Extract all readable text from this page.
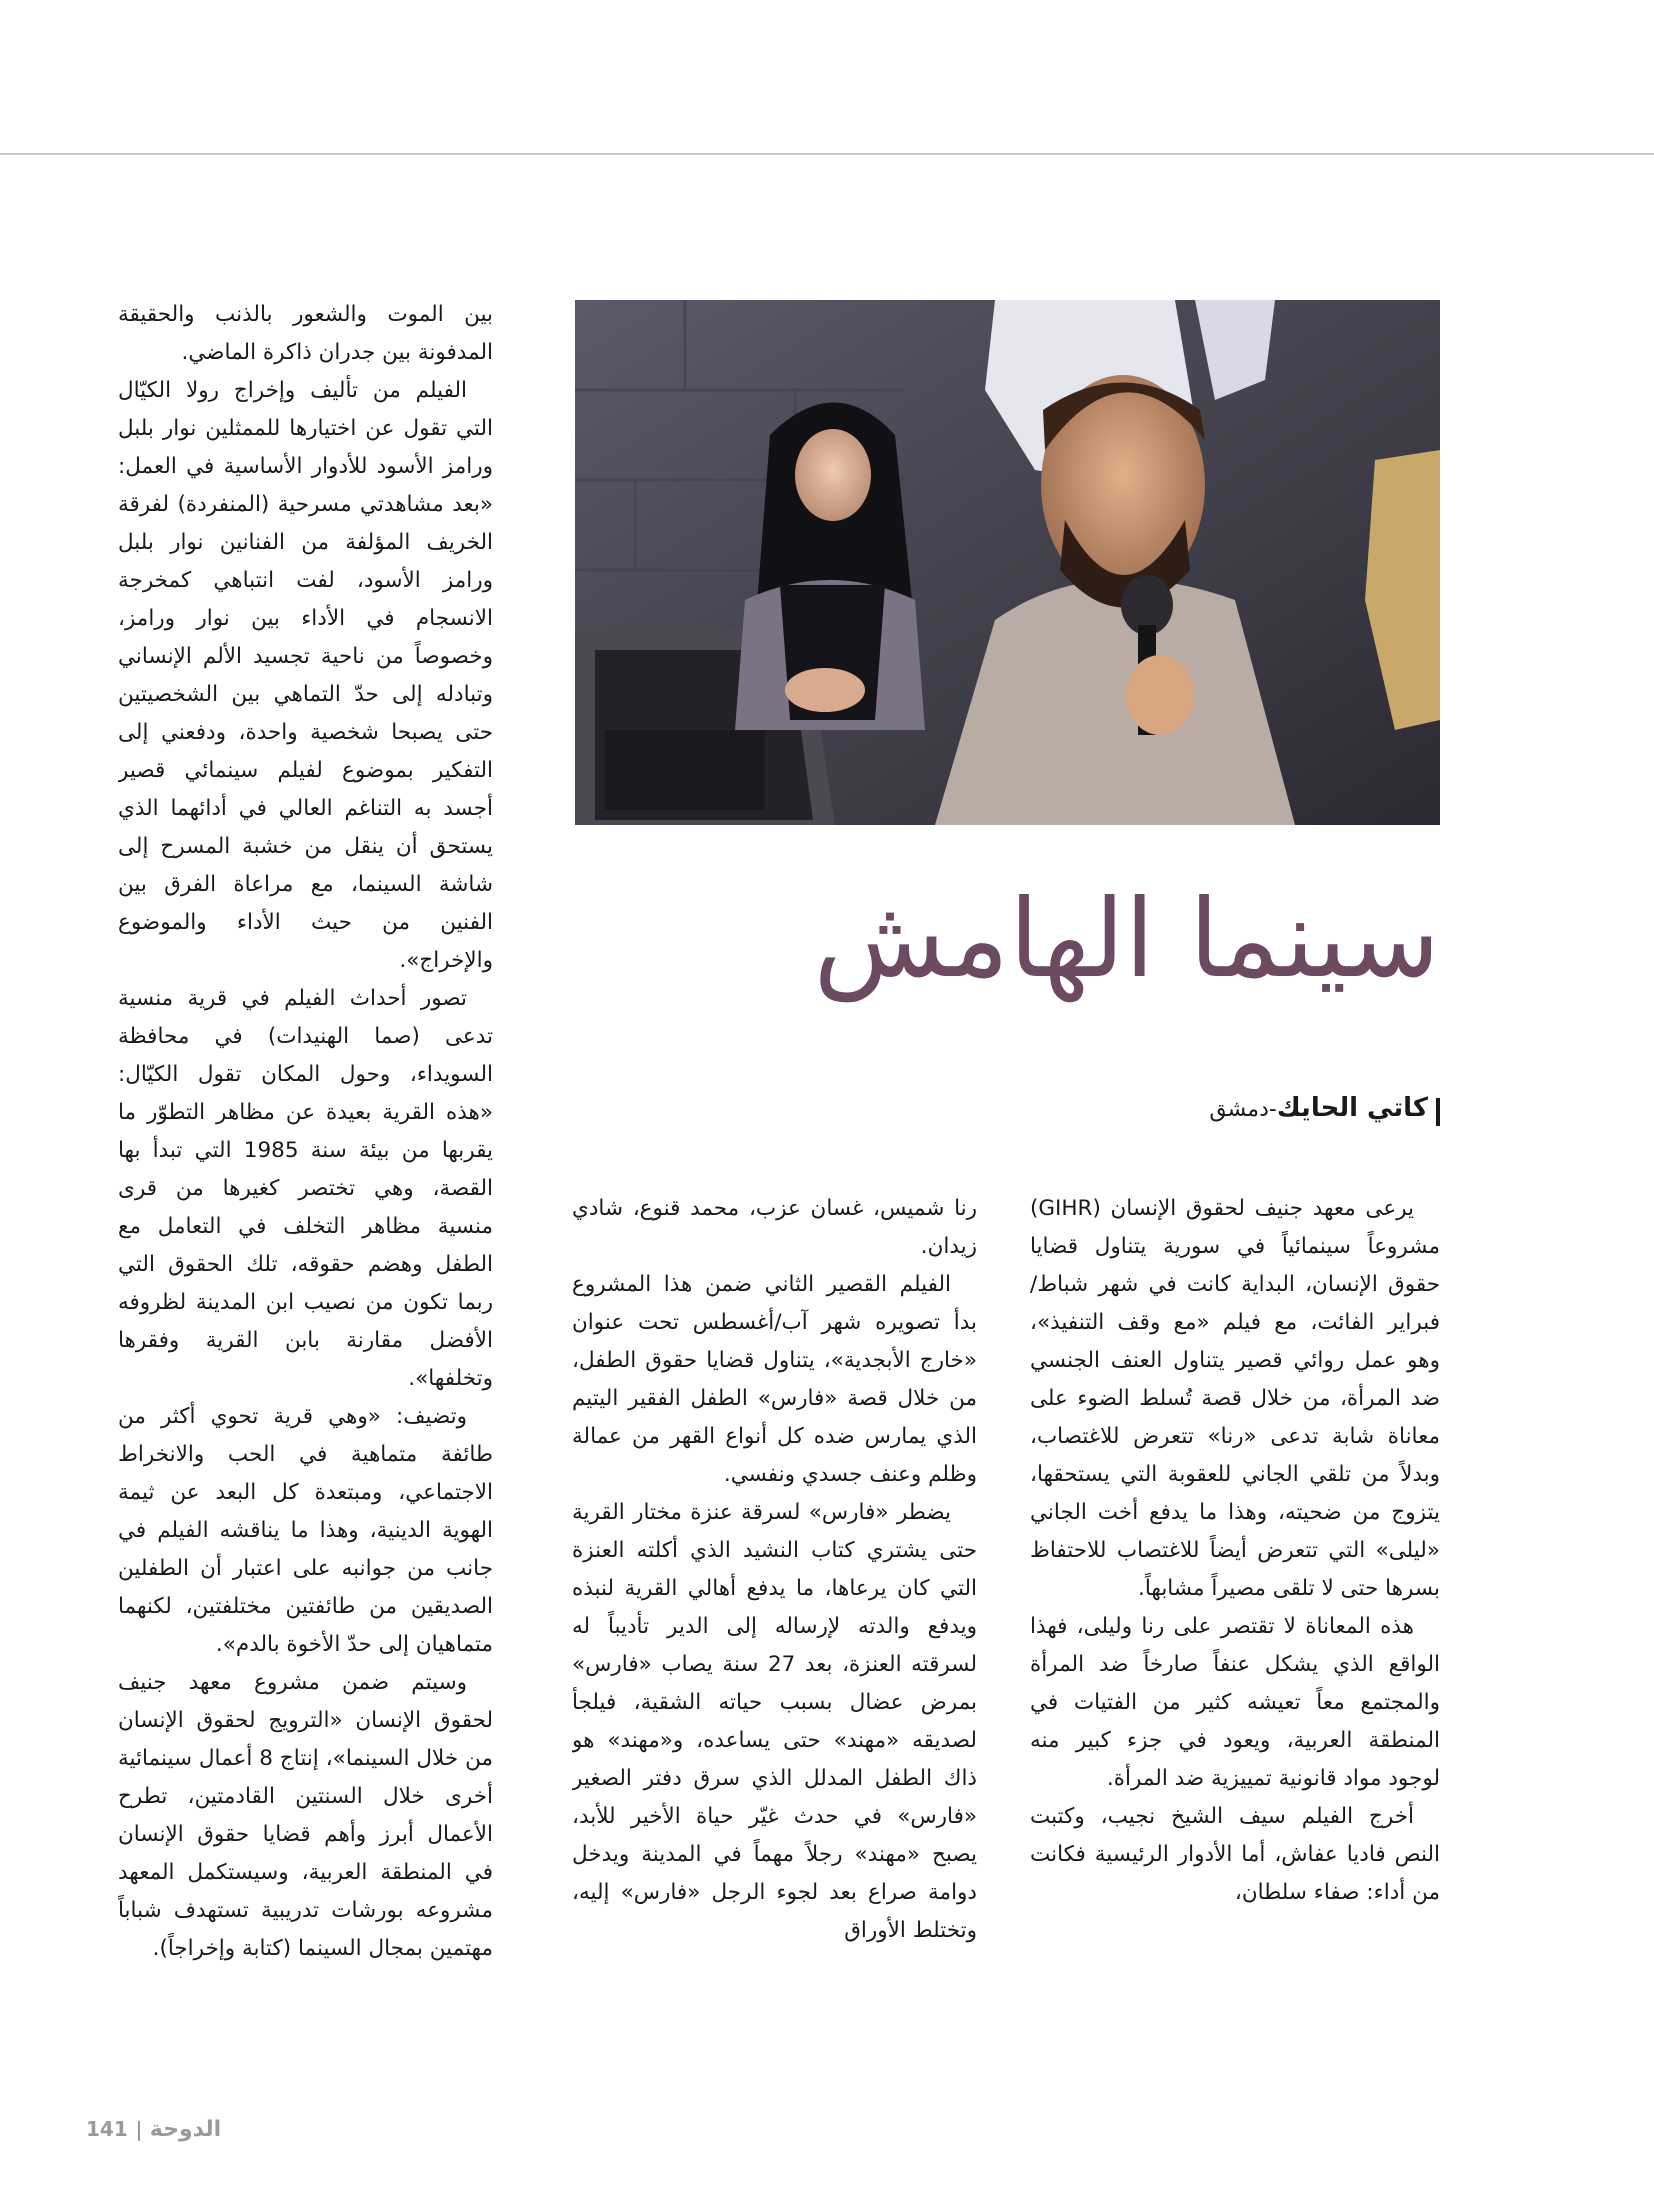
سينما الهامش
كاتي الحايك-دمشق

يرعى معهد جنيف لحقوق الإنسان (GIHR) مشروعاً سينمائياً في سورية يتناول قضايا حقوق الإنسان، البداية كانت في شهر شباط/فبراير الفائت، مع فيلم «مع وقف التنفيذ»، وهو عمل روائي قصير يتناول العنف الجنسي ضد المرأة، من خلال قصة تُسلط الضوء على معاناة شابة تدعى «رنا» تتعرض للاغتصاب، وبدلاً من تلقي الجاني للعقوبة التي يستحقها، يتزوج من ضحيته، وهذا ما يدفع أخت الجاني «ليلى» التي تتعرض أيضاً للاغتصاب للاحتفاظ بسرها حتى لا تلقى مصيراً مشابهاً.

هذه المعاناة لا تقتصر على رنا وليلى، فهذا الواقع الذي يشكل عنفاً صارخاً ضد المرأة والمجتمع معاً تعيشه كثير من الفتيات في المنطقة العربية، ويعود في جزء كبير منه لوجود مواد قانونية تمييزية ضد المرأة.

أخرج الفيلم سيف الشيخ نجيب، وكتبت النص فاديا عفاش، أما الأدوار الرئيسية فكانت من أداء: صفاء سلطان،

رنا شميس، غسان عزب، محمد قنوع، شادي زيدان.

الفيلم القصير الثاني ضمن هذا المشروع بدأ تصويره شهر آب/أغسطس تحت عنوان «خارج الأبجدية»، يتناول قضايا حقوق الطفل، من خلال قصة «فارس» الطفل الفقير اليتيم الذي يمارس ضده كل أنواع القهر من عمالة وظلم وعنف جسدي ونفسي.

يضطر «فارس» لسرقة عنزة مختار القرية حتى يشتري كتاب النشيد الذي أكلته العنزة التي كان يرعاها، ما يدفع أهالي القرية لنبذه ويدفع والدته لإرساله إلى الدير تأديباً له لسرقته العنزة، بعد 27 سنة يصاب «فارس» بمرض عضال بسبب حياته الشقية، فيلجأ لصديقه «مهند» حتى يساعده، و«مهند» هو ذاك الطفل المدلل الذي سرق دفتر الصغير «فارس» في حدث غيّر حياة الأخير للأبد، يصبح «مهند» رجلاً مهماً في المدينة ويدخل دوامة صراع بعد لجوء الرجل «فارس» إليه، وتختلط الأوراق

بين الموت والشعور بالذنب والحقيقة المدفونة بين جدران ذاكرة الماضي.

الفيلم من تأليف وإخراج رولا الكيّال التي تقول عن اختيارها للممثلين نوار بلبل ورامز الأسود للأدوار الأساسية في العمل: «بعد مشاهدتي مسرحية (المنفردة) لفرقة الخريف المؤلفة من الفنانين نوار بلبل ورامز الأسود، لفت انتباهي كمخرجة الانسجام في الأداء بين نوار ورامز، وخصوصاً من ناحية تجسيد الألم الإنساني وتبادله إلى حدّ التماهي بين الشخصيتين حتى يصبحا شخصية واحدة، ودفعني إلى التفكير بموضوع لفيلم سينمائي قصير أجسد به التناغم العالي في أدائهما الذي يستحق أن ينقل من خشبة المسرح إلى شاشة السينما، مع مراعاة الفرق بين الفنين من حيث الأداء والموضوع والإخراج».

تصور أحداث الفيلم في قرية منسية تدعى (صما الهنيدات) في محافظة السويداء، وحول المكان تقول الكيّال: «هذه القرية بعيدة عن مظاهر التطوّر ما يقربها من بيئة سنة 1985 التي تبدأ بها القصة، وهي تختصر كغيرها من قرى منسية مظاهر التخلف في التعامل مع الطفل وهضم حقوقه، تلك الحقوق التي ربما تكون من نصيب ابن المدينة لظروفه الأفضل مقارنة بابن القرية وفقرها وتخلفها».

وتضيف: «وهي قرية تحوي أكثر من طائفة متماهية في الحب والانخراط الاجتماعي، ومبتعدة كل البعد عن ثيمة الهوية الدينية، وهذا ما يناقشه الفيلم في جانب من جوانبه على اعتبار أن الطفلين الصديقين من طائفتين مختلفتين، لكنهما متماهيان إلى حدّ الأخوة بالدم».

وسيتم ضمن مشروع معهد جنيف لحقوق الإنسان «الترويج لحقوق الإنسان من خلال السينما»، إنتاج 8 أعمال سينمائية أخرى خلال السنتين القادمتين، تطرح الأعمال أبرز وأهم قضايا حقوق الإنسان في المنطقة العربية، وسيستكمل المعهد مشروعه بورشات تدريبية تستهدف شباباً مهتمين بمجال السينما (كتابة وإخراجاً).

141 الدوحة
